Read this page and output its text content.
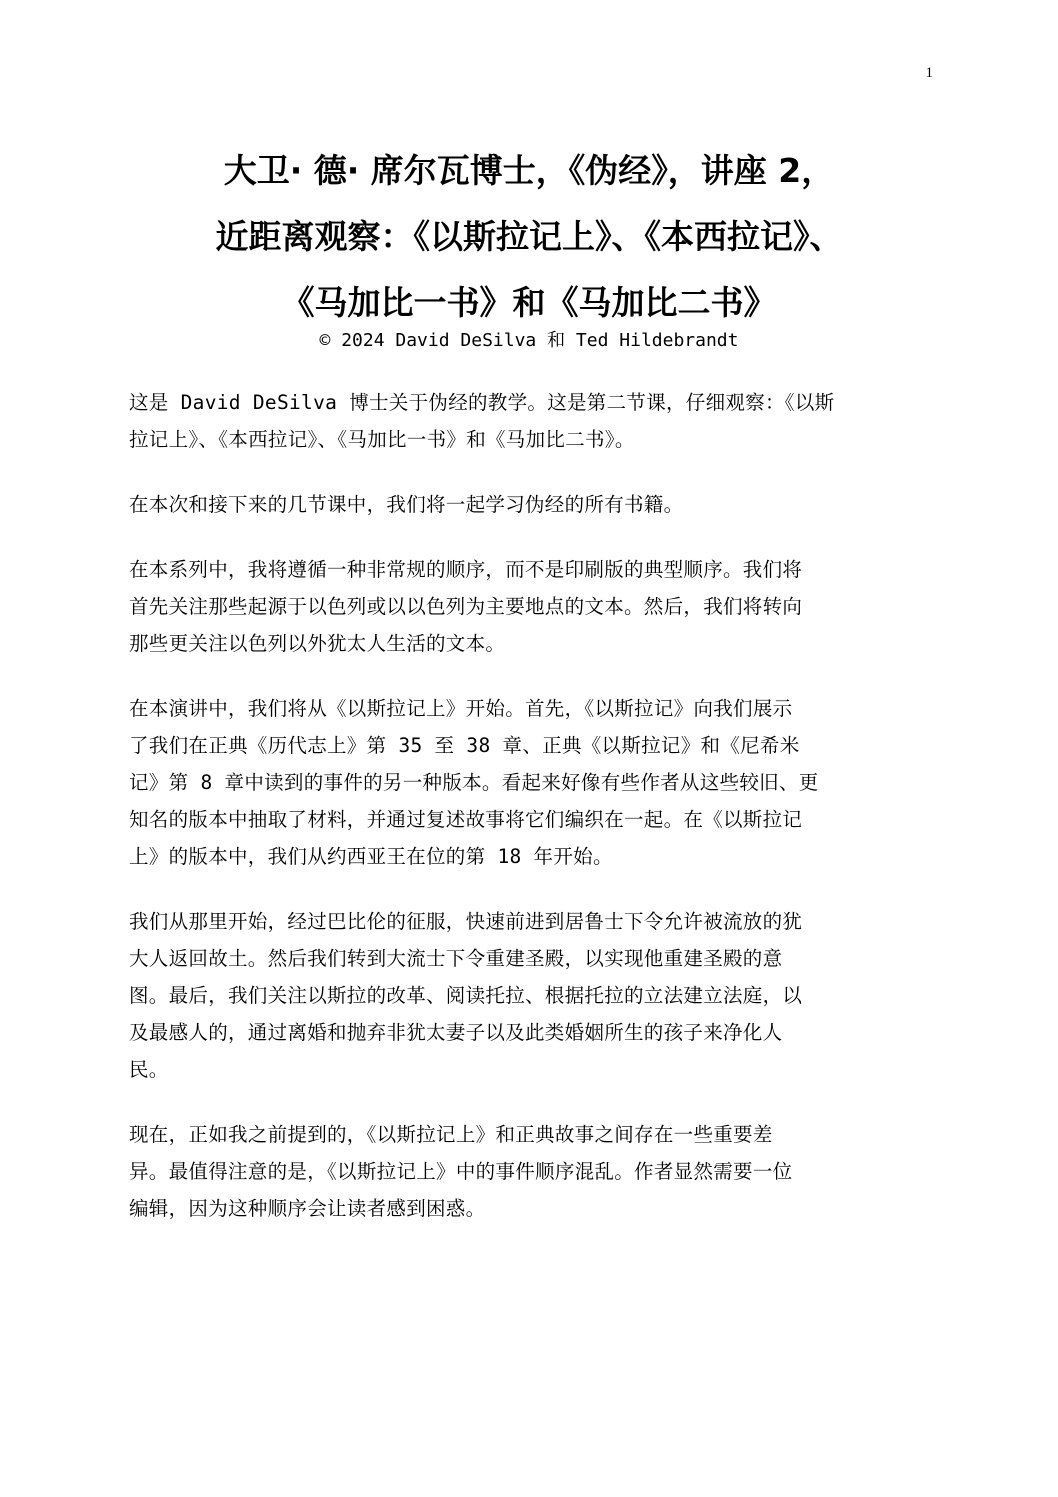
1
大卫· 德· 席尔瓦博士，《伪经》，讲座 2，
近距离观察：《以斯拉记上》、《本西拉记》、
《马加比一书》和《马加比二书》
© 2024 David DeSilva 和 Ted Hildebrandt

这是 David DeSilva 博士关于伪经的教学。这是第二节课，仔细观察：《以斯
拉记上》、《本西拉记》、《马加比一书》和《马加比二书》。

在本次和接下来的几节课中，我们将一起学习伪经的所有书籍。

在本系列中，我将遵循一种非常规的顺序，而不是印刷版的典型顺序。我们将
首先关注那些起源于以色列或以以色列为主要地点的文本。然后，我们将转向
那些更关注以色列以外犹太人生活的文本。

在本演讲中，我们将从《以斯拉记上》开始。首先，《以斯拉记》向我们展示
了我们在正典《历代志上》第 35 至 38 章、正典《以斯拉记》和《尼希米
记》第 8 章中读到的事件的另一种版本。看起来好像有些作者从这些较旧、更
知名的版本中抽取了材料，并通过复述故事将它们编织在一起。在《以斯拉记
上》的版本中，我们从约西亚王在位的第 18 年开始。

我们从那里开始，经过巴比伦的征服，快速前进到居鲁士下令允许被流放的犹
大人返回故土。然后我们转到大流士下令重建圣殿，以实现他重建圣殿的意
图。最后，我们关注以斯拉的改革、阅读托拉、根据托拉的立法建立法庭，以
及最感人的，通过离婚和抛弃非犹太妻子以及此类婚姻所生的孩子来净化人
民。

现在，正如我之前提到的，《以斯拉记上》和正典故事之间存在一些重要差
异。最值得注意的是，《以斯拉记上》中的事件顺序混乱。作者显然需要一位
编辑，因为这种顺序会让读者感到困惑。
